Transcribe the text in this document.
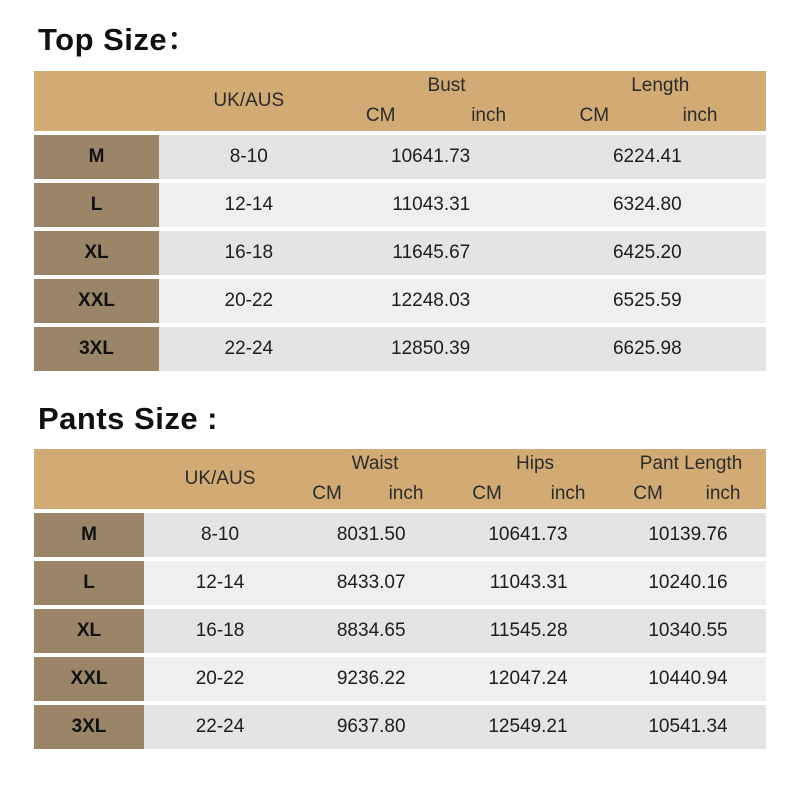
Top Size：
	UK/AUS	Bust		Length	
		CM	inch	CM	inch

M	8-10	106	41.73	62	24.41

L	12-14	110	43.31	63	24.80

XL	16-18	116	45.67	64	25.20

XXL	20-22	122	48.03	65	25.59

3XL	22-24	128	50.39	66	25.98
Pants Size :
	UK/AUS	Waist		Hips		Pant Length	
		CM	inch	CM	inch	CM	inch

M	8-10	80	31.50	106	41.73	101	39.76

L	12-14	84	33.07	110	43.31	102	40.16

XL	16-18	88	34.65	115	45.28	103	40.55

XXL	20-22	92	36.22	120	47.24	104	40.94

3XL	22-24	96	37.80	125	49.21	105	41.34
